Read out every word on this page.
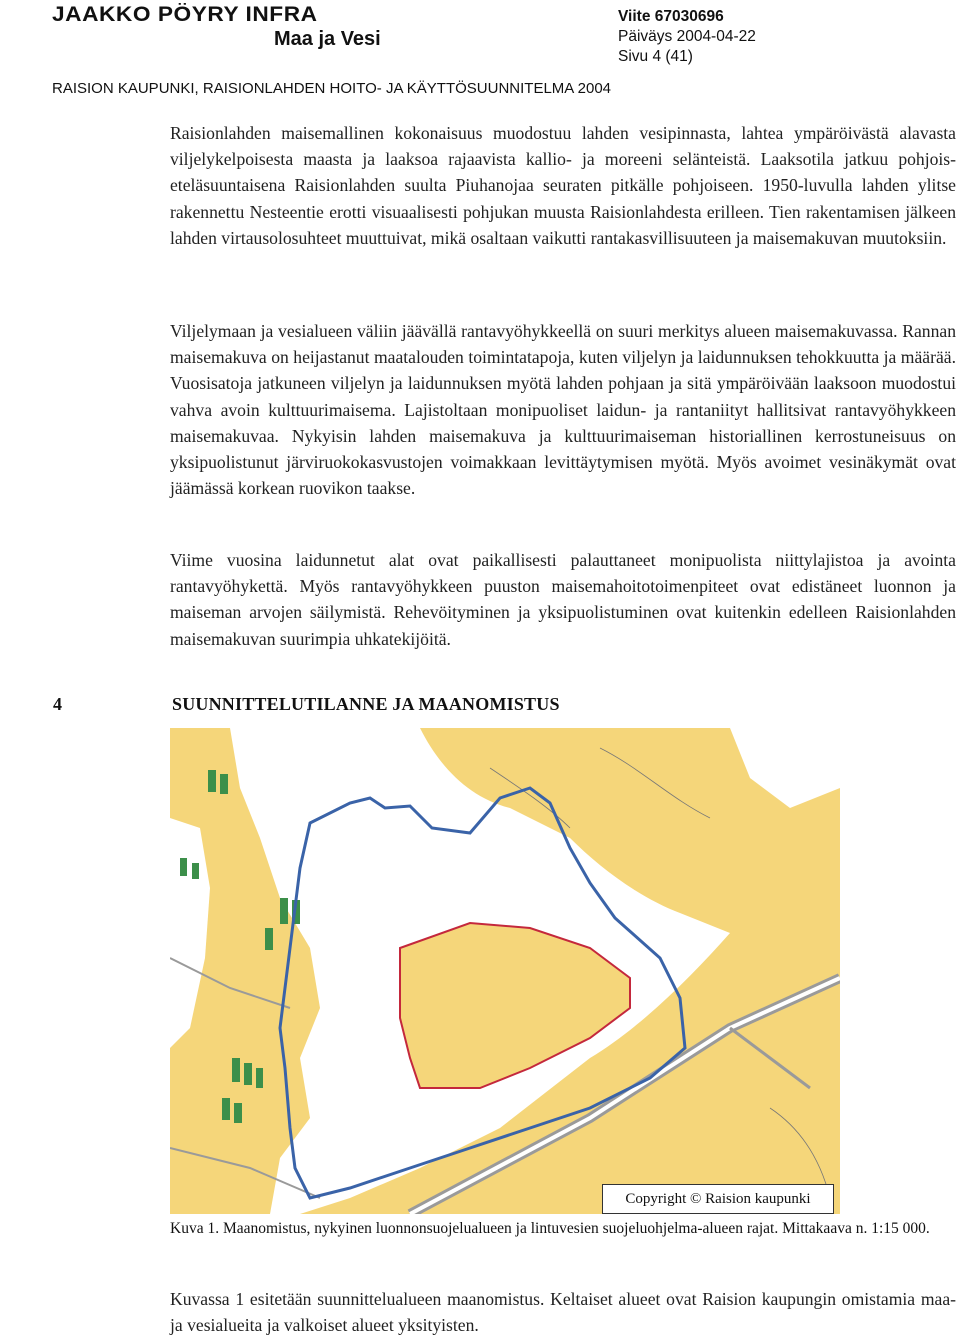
JAAKKO PÖYRY INFRA
Maa ja Vesi
Viite 67030696
Päiväys 2004-04-22
Sivu 4 (41)
RAISION KAUPUNKI, RAISIONLAHDEN HOITO- JA KÄYTTÖSUUNNITELMA 2004
Raisionlahden maisemallinen kokonaisuus muodostuu lahden vesipinnasta, lahtea ympäröivästä alavasta viljelykelpoisesta maasta ja laaksoa rajaavista kallio- ja moreeni selänteistä. Laaksotila jatkuu pohjois-eteläsuuntaisena Raisionlahden suulta Piuhanojaa seuraten pitkälle pohjoiseen. 1950-luvulla lahden ylitse rakennettu Nesteentie erotti visuaalisesti pohjukan muusta Raisionlahdesta erilleen. Tien rakentamisen jälkeen lahden virtausolosuhteet muuttuivat, mikä osaltaan vaikutti rantakasvillisuuteen ja maisemakuvan muutoksiin.
Viljelymaan ja vesialueen väliin jäävällä rantavyöhykkeellä on suuri merkitys alueen maisemakuvassa. Rannan maisemakuva on heijastanut maatalouden toimintatapoja, kuten viljelyn ja laidunnuksen tehokkuutta ja määrää. Vuosisatoja jatkuneen viljelyn ja laidunnuksen myötä lahden pohjaan ja sitä ympäröivään laaksoon muodostui vahva avoin kulttuurimaisema. Lajistoltaan monipuoliset laidun- ja rantaniityt hallitsivat rantavyöhykkeen maisemakuvaa. Nykyisin lahden maisemakuva ja kulttuurimaiseman historiallinen kerrostuneisuus on yksipuolistunut järviruokokasvustojen voimakkaan levittäytymisen myötä. Myös avoimet vesinäkymät ovat jäämässä korkean ruovikon taakse.
Viime vuosina laidunnetut alat ovat paikallisesti palauttaneet monipuolista niittylajistoa ja avointa rantavyöhykettä. Myös rantavyöhykkeen puuston maisemahoitotoimenpiteet ovat edistäneet luonnon ja maiseman arvojen säilymistä. Rehevöityminen ja yksipuolistuminen ovat kuitenkin edelleen Raisionlahden maisemakuvan suurimpia uhkatekijöitä.
4	SUUNNITTELUTILANNE JA MAANOMISTUS
Copyright © Raision kaupunki
Kuva 1. Maanomistus, nykyinen luonnonsuojelualueen ja lintuvesien suojeluohjelma-alueen rajat. Mittakaava n. 1:15 000.
Kuvassa 1 esitetään suunnittelualueen maanomistus. Keltaiset alueet ovat Raision kaupungin omistamia maa- ja vesialueita ja valkoiset alueet yksityisten.
